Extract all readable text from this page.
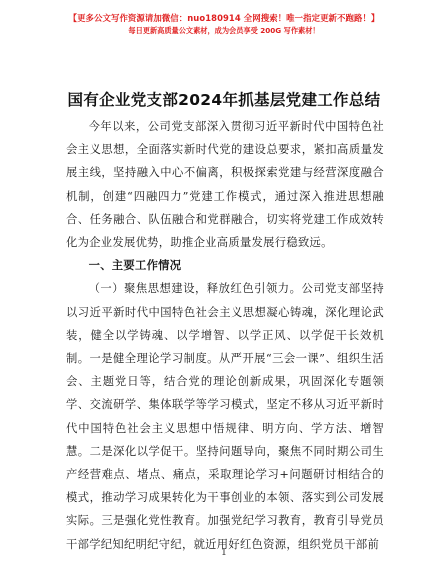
【更多公文写作资源请加微信：nuo180914 全网搜索！唯一指定更新不跑路！】
每日更新高质量公文素材，成为会员享受 200G 写作素材！
国有企业党支部2024年抓基层党建工作总结

今年以来，公司党支部深入贯彻习近平新时代中国特色社会主义思想，全面落实新时代党的建设总要求，紧扣高质量发展主线，坚持融入中心不偏离，积极探索党建与经营深度融合机制，创建“四融四力”党建工作模式，通过深入推进思想融合、任务融合、队伍融合和党群融合，切实将党建工作成效转化为企业发展优势，助推企业高质量发展行稳致远。

一、主要工作情况

（一）聚焦思想建设，释放红色引领力。公司党支部坚持以习近平新时代中国特色社会主义思想凝心铸魂，深化理论武装，健全以学铸魂、以学增智、以学正风、以学促干长效机制。一是健全理论学习制度。从严开展“三会一课”、组织生活会、主题党日等，结合党的理论创新成果，巩固深化专题领学、交流研学、集体联学等学习模式，坚定不移从习近平新时代中国特色社会主义思想中悟规律、明方向、学方法、增智慧。二是深化以学促干。坚持问题导向，聚焦不同时期公司生产经营难点、堵点、痛点，采取理论学习+问题研讨相结合的模式，推动学习成果转化为干事创业的本领、落实到公司发展实际。三是强化党性教育。加强党纪学习教育，教育引导党员干部学纪知纪明纪守纪，就近用好红色资源，组织党员干部前

1
